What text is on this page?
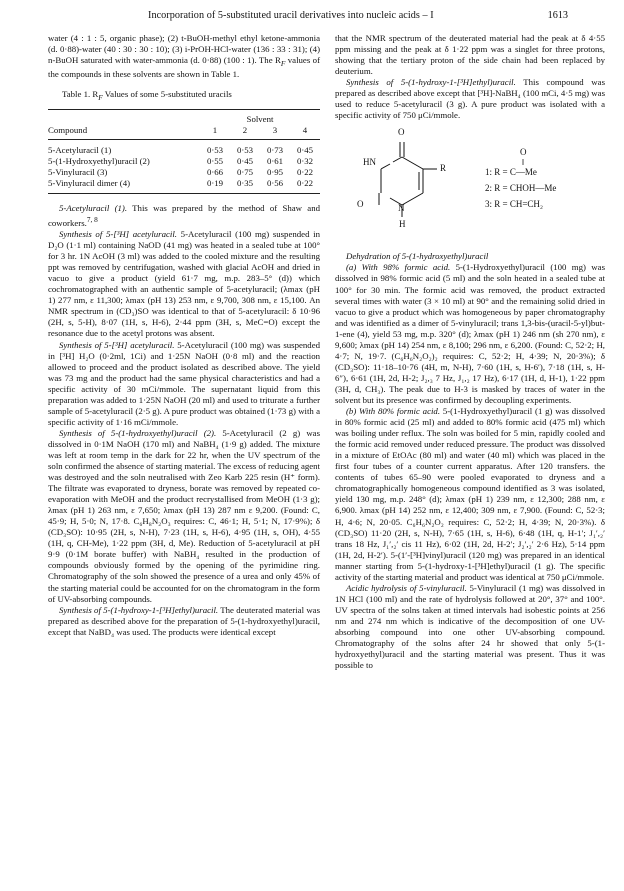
Incorporation of 5-substituted uracil derivatives into nucleic acids – I	1613

water (4 : 1 : 5, organic phase); (2) t-BuOH-methyl ethyl ketone-ammonia (d. 0·88)-water (40 : 30 : 30 : 10); (3) i-PrOH-HCl-water (136 : 33 : 31); (4) n-BuOH saturated with water-ammonia (d. 0·88) (100 : 1). The $R_F$ values of the compounds in these solvents are shown in Table 1.

Table 1. $R_F$ Values of some 5-substituted uracils
	Solvent			
Compound	1	2	3	4
5-Acetyluracil (1)	0·53	0·53	0·73	0·45
5-(1-Hydroxyethyl)uracil (2)	0·55	0·45	0·61	0·32
5-Vinyluracil (3)	0·66	0·75	0·95	0·22
5-Vinyluracil dimer (4)	0·19	0·35	0·56	0·22

5-Acetyluracil (1). This was prepared by the method of Shaw and coworkers.$^{7, 8}$

Synthesis of 5-[³H] acetyluracil. 5-Acetyluracil (100 mg) suspended in D₂O (1·1 ml) containing NaOD (41 mg) was heated in a sealed tube at 100° for 3 hr. 1N AcOH (3 ml) was added to the cooled mixture and the resulting ppt was removed by centrifugation, washed with glacial AcOH and dried in vacuo to give a product (yield 61·7 mg, m.p. 283–5° (d)) which cochromatographed with an authentic sample of 5-acetyluracil; (λmax (pH 1) 277 nm, ε 11,300; λmax (pH 13) 253 nm, ε 9,700, 308 nm, ε 15,100. An NMR spectrum in (CD₃)SO was identical to that of 5-acetyluracil: δ 10·96 (2H, s, 5-H), 8·07 (1H, s, H-6), 2·44 ppm (3H, s, MeC=O) except the resonance due to the acetyl protons was absent.

Synthesis of 5-[³H] acetyluracil. 5-Acetyluracil (100 mg) was suspended in [³H] H₂O (0·2ml, 1Ci) and 1·25N NaOH (0·8 ml) and the reaction allowed to proceed and the product isolated as described above. The yield was 73 mg and the product had the same physical characteristics and had a specific activity of 30 mCi/mmole. The supernatant liquid from this preparation was added to 1·25N NaOH (20 ml) and used to triturate a further sample of 5-acetyluracil (2·5 g). A pure product was obtained (1·73 g) with a specific activity of 1·16 mCi/mmole.

Synthesis of 5-(1-hydroxyethyl)uracil (2). 5-Acetyluracil (2 g) was dissolved in 0·1M NaOH (170 ml) and NaBH₄ (1·9 g) added. The mixture was left at room temp in the dark for 22 hr, when the UV spectrum of the soln confirmed the absence of starting material. The excess of reducing agent was destroyed and the soln neutralised with Zeo Karb 225 resin (H⁺ form). The filtrate was evaporated to dryness, borate was removed by repeated co-evaporation with MeOH and the product recrystallised from MeOH (1·3 g); λmax (pH 1) 263 nm, ε 7,650; λmax (pH 13) 287 nm ε 9,200. (Found: C, 45·9; H, 5·0; N, 17·8. C₆H₈N₂O₃ requires: C, 46·1; H, 5·1; N, 17·9%); δ (CD₃SO): 10·95 (2H, s, N-H), 7·23 (1H, s, H-6), 4·95 (1H, s, OH), 4·55 (1H, q, CH-Me), 1·22 ppm (3H, d, Me). Reduction of 5-acetyluracil at pH 9·9 (0·1M borate buffer) with NaBH₄ resulted in the production of compounds obviously formed by the opening of the pyrimidine ring. Chromatography of the soln showed the presence of a urea and only 45% of the starting material could be accounted for on the chromatogram in the form of UV-absorbing compounds.

Synthesis of 5-(1-hydroxy-1-[³H]ethyl)uracil. The deuterated material was prepared as described above for the preparation of 5-(1-hydroxyethyl)uracil, except that NaBD₄ was used. The products were identical except

that the NMR spectrum of the deuterated material had the peak at δ 4·55 ppm missing and the peak at δ 1·22 ppm was a singlet for three protons, showing that the tertiary proton of the side chain had been replaced by deuterium.

Synthesis of 5-(1-hydroxy-1-[³H]ethyl)uracil. This compound was prepared as described above except that [³H]-NaBH₄ (100 mCi, 4·5 mg) was used to reduce 5-acetyluracil (3 g). A pure product was isolated with a specific activity of 750 μCi/mmole.

O
HN
R
O	N
H
O
‖
1: R = C—Me
2: R = CHOH—Me
3: R = CH=CH₂

Dehydration of 5-(1-hydroxyethyl)uracil

(a) With 98% formic acid. 5-(1-Hydroxyethyl)uracil (100 mg) was dissolved in 98% formic acid (5 ml) and the soln heated in a sealed tube at 100° for 30 min. The formic acid was removed, the product extracted several times with water (3 × 10 ml) at 90° and the remaining solid dried in vacuo to give a product which was homogeneous by paper chromatography and was identified as a dimer of 5-vinyluracil; trans 1,3-bis-(uracil-5-yl)but-1-ene (4), yield 53 mg, m.p. 320° (d); λmax (pH 1) 246 nm (sh 270 nm), ε 9,600; λmax (pH 14) 254 nm, ε 8,100; 296 nm, ε 6,200. (Found: C, 52·2; H, 4·7; N, 19·7. (C₆H₆N₂O₂)₂ requires: C, 52·2; H, 4·39; N, 20·3%); δ (CD₃SO): 11·18–10·76 (4H, m, N-H), 7·60 (1H, s, H-6′), 7·18 (1H, s, H-6″), 6·61 (1H, 2d, H-2; J₂,₃ 7 Hz, J₁,₂ 17 Hz), 6·17 (1H, d, H-1), 1·22 ppm (3H, d, CH₃). The peak due to H-3 is masked by traces of water in the solvent but its presence was confirmed by decoupling experiments.

(b) With 80% formic acid. 5-(1-Hydroxyethyl)uracil (1 g) was dissolved in 80% formic acid (25 ml) and added to 80% formic acid (475 ml) which was boiling under reflux. The soln was boiled for 5 min, rapidly cooled and the formic acid removed under reduced pressure. The product was dissolved in a mixture of EtOAc (80 ml) and water (40 ml) which was placed in the first four tubes of a counter current apparatus. After 120 transfers. the contents of tubes 65–90 were pooled evaporated to dryness and a chromatographically homogeneous compound identified as 3 was isolated, yield 130 mg, m.p. 248° (d); λmax (pH 1) 239 nm, ε 12,300; 288 nm, ε 6,900. λmax (pH 14) 252 nm, ε 12,400; 309 nm, ε 7,900. (Found: C, 52·3; H, 4·6; N, 20·05. C₆H₆N₂O₂ requires: C, 52·2; H, 4·39; N, 20·3%). δ (CD₃SO) 11·20 (2H, s, N-H), 7·65 (1H, s, H-6), 6·48 (1H, q, H-1′; J₁′,₂′ trans 18 Hz, J₁′,₂′ cis 11 Hz), 6·02 (1H, 2d, H-2′; J₂′,₂′ 2·6 Hz), 5·14 ppm (1H, 2d, H-2′). 5-(1′-[³H]vinyl)uracil (120 mg) was prepared in an identical manner starting from 5-(1-hydroxy-1-[³H]ethyl)uracil (1 g). The specific activity of the starting material and product was identical at 750 μCi/mmole.

Acidic hydrolysis of 5-vinyluracil. 5-Vinyluracil (1 mg) was dissolved in 1N HCl (100 ml) and the rate of hydrolysis followed at 20°, 37° and 100°. UV spectra of the solns taken at timed intervals had isobestic points at 256 nm and 274 nm which is indicative of the decomposition of one UV-absorbing compound into one other UV-absorbing compound. Chromatography of the solns after 24 hr showed that only 5-(1-hydroxyethyl)uracil and the starting material was present. Thus it was possible to
